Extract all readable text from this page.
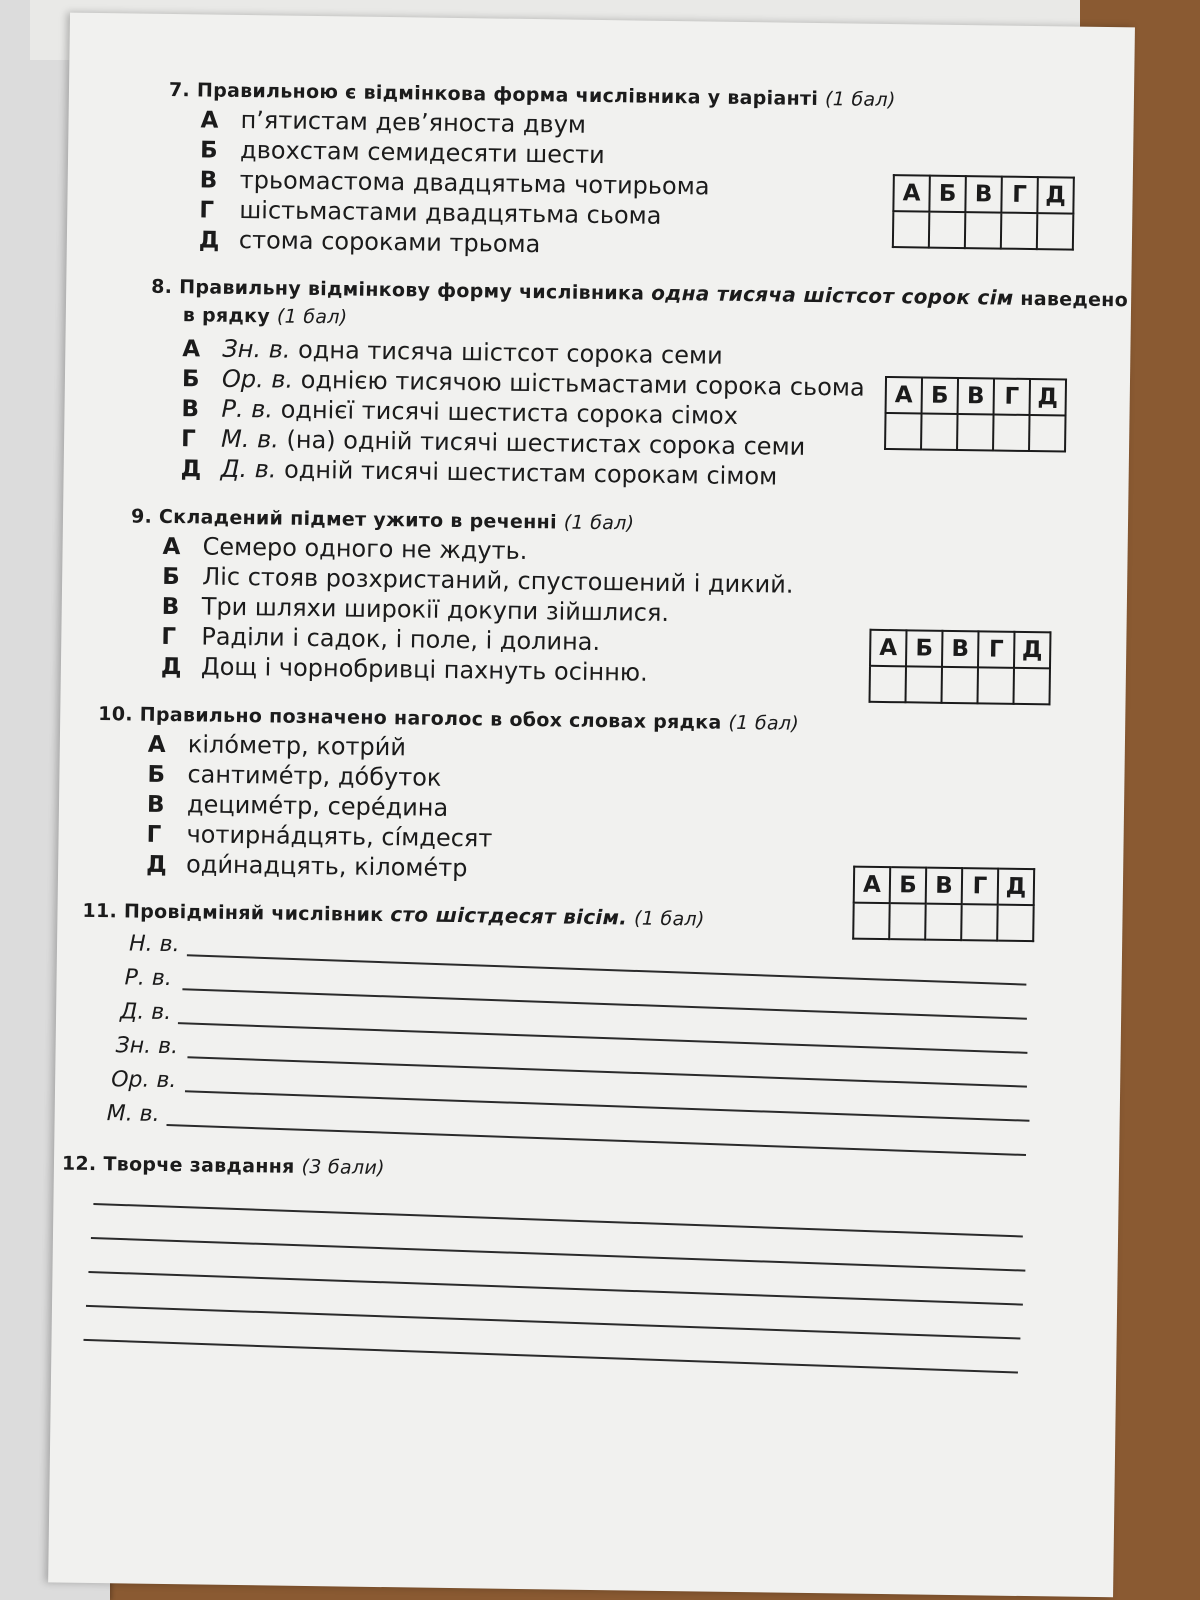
7. Правильною є відмінкова форма числівника у варіанті (1 бал)
А п’ятистам дев’яноста двум
Б двохстам семидесяти шести
В трьомастома двадцятьма чотирьома
Г	шістьмастами двадцятьма сьома
Д стома сороками трьома
А	Б	В	Г	Д

8. Правильну відмінкову форму числівника одна тисяча шістсот сорок сім наведено
в рядку (1 бал)
А Зн. в. одна тисяча шістсот сорока семи
Б Ор. в. однією тисячою шістьмастами сорока сьома
В Р. в. однієї тисячі шестиста сорока сімох
Г	М. в. (на) одній тисячі шестистах сорока семи
Д Д. в. одній тисячі шестистам сорокам сімом
А	Б	В	Г	Д

9. Складений підмет ужито в реченні (1 бал)
А Семеро одного не ждуть.
Б Ліс стояв розхристаний, спустошений і дикий.
В Три шляхи широкії докупи зійшлися.
Г	Раділи і садок, і поле, і долина.
Д Дощ і чорнобривці пахнуть осінню.
А	Б	В	Г	Д

10. Правильно позначено наголос в обох словах рядка (1 бал)
А кіло́метр, котри́й
Б сантиме́тр, до́буток
В дециме́тр, сере́дина
Г	чотирна́дцять, сі́мдесят
Д оди́надцять, кіломе́тр
А	Б	В	Г	Д

11. Провідміняй числівник сто шістдесят вісім. (1 бал)
Н. в.
Р. в.
Д. в.
Зн. в.
Ор. в.
М. в.
12. Творче завдання (3 бали)
